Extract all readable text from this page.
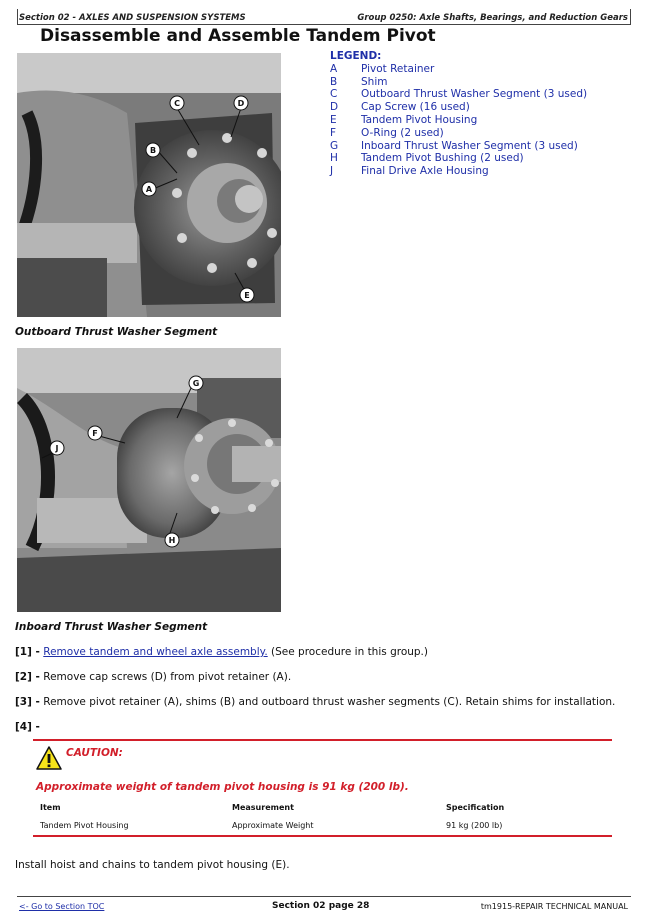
Section 02 - AXLES AND SUSPENSION SYSTEMS	Group 0250: Axle Shafts, Bearings, and Reduction Gears
Disassemble and Assemble Tandem Pivot
C	D
B
A
E
LEGEND:
A	Pivot Retainer
B	Shim
C	Outboard Thrust Washer Segment (3 used)
D	Cap Screw (16 used)
E	Tandem Pivot Housing
F	O-Ring (2 used)
G	Inboard Thrust Washer Segment (3 used)
H	Tandem Pivot Bushing (2 used)
J	Final Drive Axle Housing
Outboard Thrust Washer Segment
G
F
J
H
Inboard Thrust Washer Segment
[1] - Remove tandem and wheel axle assembly. (See procedure in this group.)
[2] - Remove cap screws (D) from pivot retainer (A).
[3] - Remove pivot retainer (A), shims (B) and outboard thrust washer segments (C). Retain shims for installation.
[4] -
CAUTION:
Approximate weight of tandem pivot housing is 91 kg (200 lb).
Item	Measurement	Specification
Tandem Pivot Housing	Approximate Weight	91 kg (200 lb)
Install hoist and chains to tandem pivot housing (E).
<- Go to Section TOC	Section 02 page 28	tm1915-REPAIR TECHNICAL MANUAL
